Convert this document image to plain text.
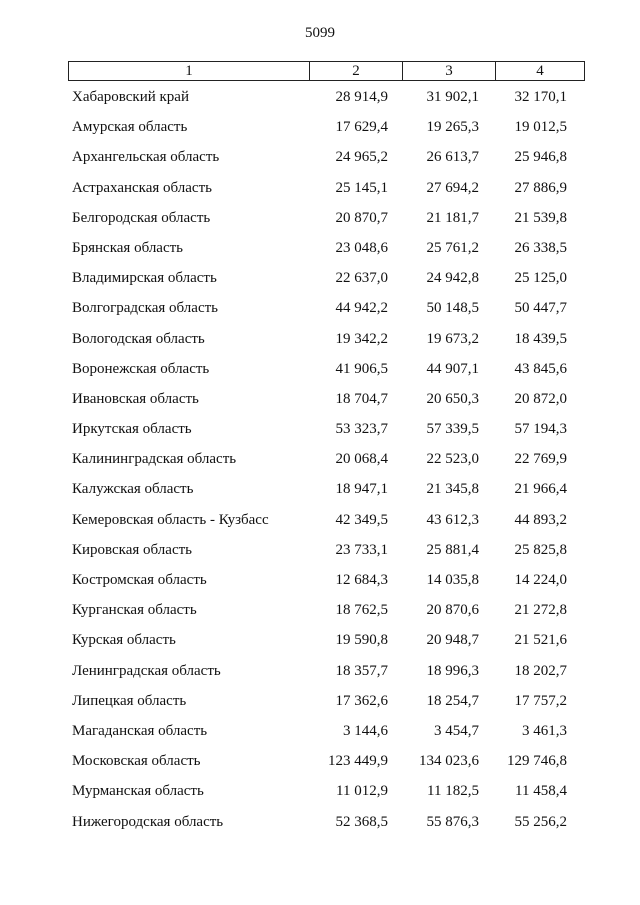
5099
1	2	3	4
Хабаровский край	28 914,9	31 902,1	32 170,1
Амурская область	17 629,4	19 265,3	19 012,5
Архангельская область	24 965,2	26 613,7	25 946,8
Астраханская область	25 145,1	27 694,2	27 886,9
Белгородская область	20 870,7	21 181,7	21 539,8
Брянская область	23 048,6	25 761,2	26 338,5
Владимирская область	22 637,0	24 942,8	25 125,0
Волгоградская область	44 942,2	50 148,5	50 447,7
Вологодская область	19 342,2	19 673,2	18 439,5
Воронежская область	41 906,5	44 907,1	43 845,6
Ивановская область	18 704,7	20 650,3	20 872,0
Иркутская область	53 323,7	57 339,5	57 194,3
Калининградская область	20 068,4	22 523,0	22 769,9
Калужская область	18 947,1	21 345,8	21 966,4
Кемеровская область - Кузбасс	42 349,5	43 612,3	44 893,2
Кировская область	23 733,1	25 881,4	25 825,8
Костромская область	12 684,3	14 035,8	14 224,0
Курганская область	18 762,5	20 870,6	21 272,8
Курская область	19 590,8	20 948,7	21 521,6
Ленинградская область	18 357,7	18 996,3	18 202,7
Липецкая область	17 362,6	18 254,7	17 757,2
Магаданская область	3 144,6	3 454,7	3 461,3
Московская область	123 449,9	134 023,6	129 746,8
Мурманская область	11 012,9	11 182,5	11 458,4
Нижегородская область	52 368,5	55 876,3	55 256,2
